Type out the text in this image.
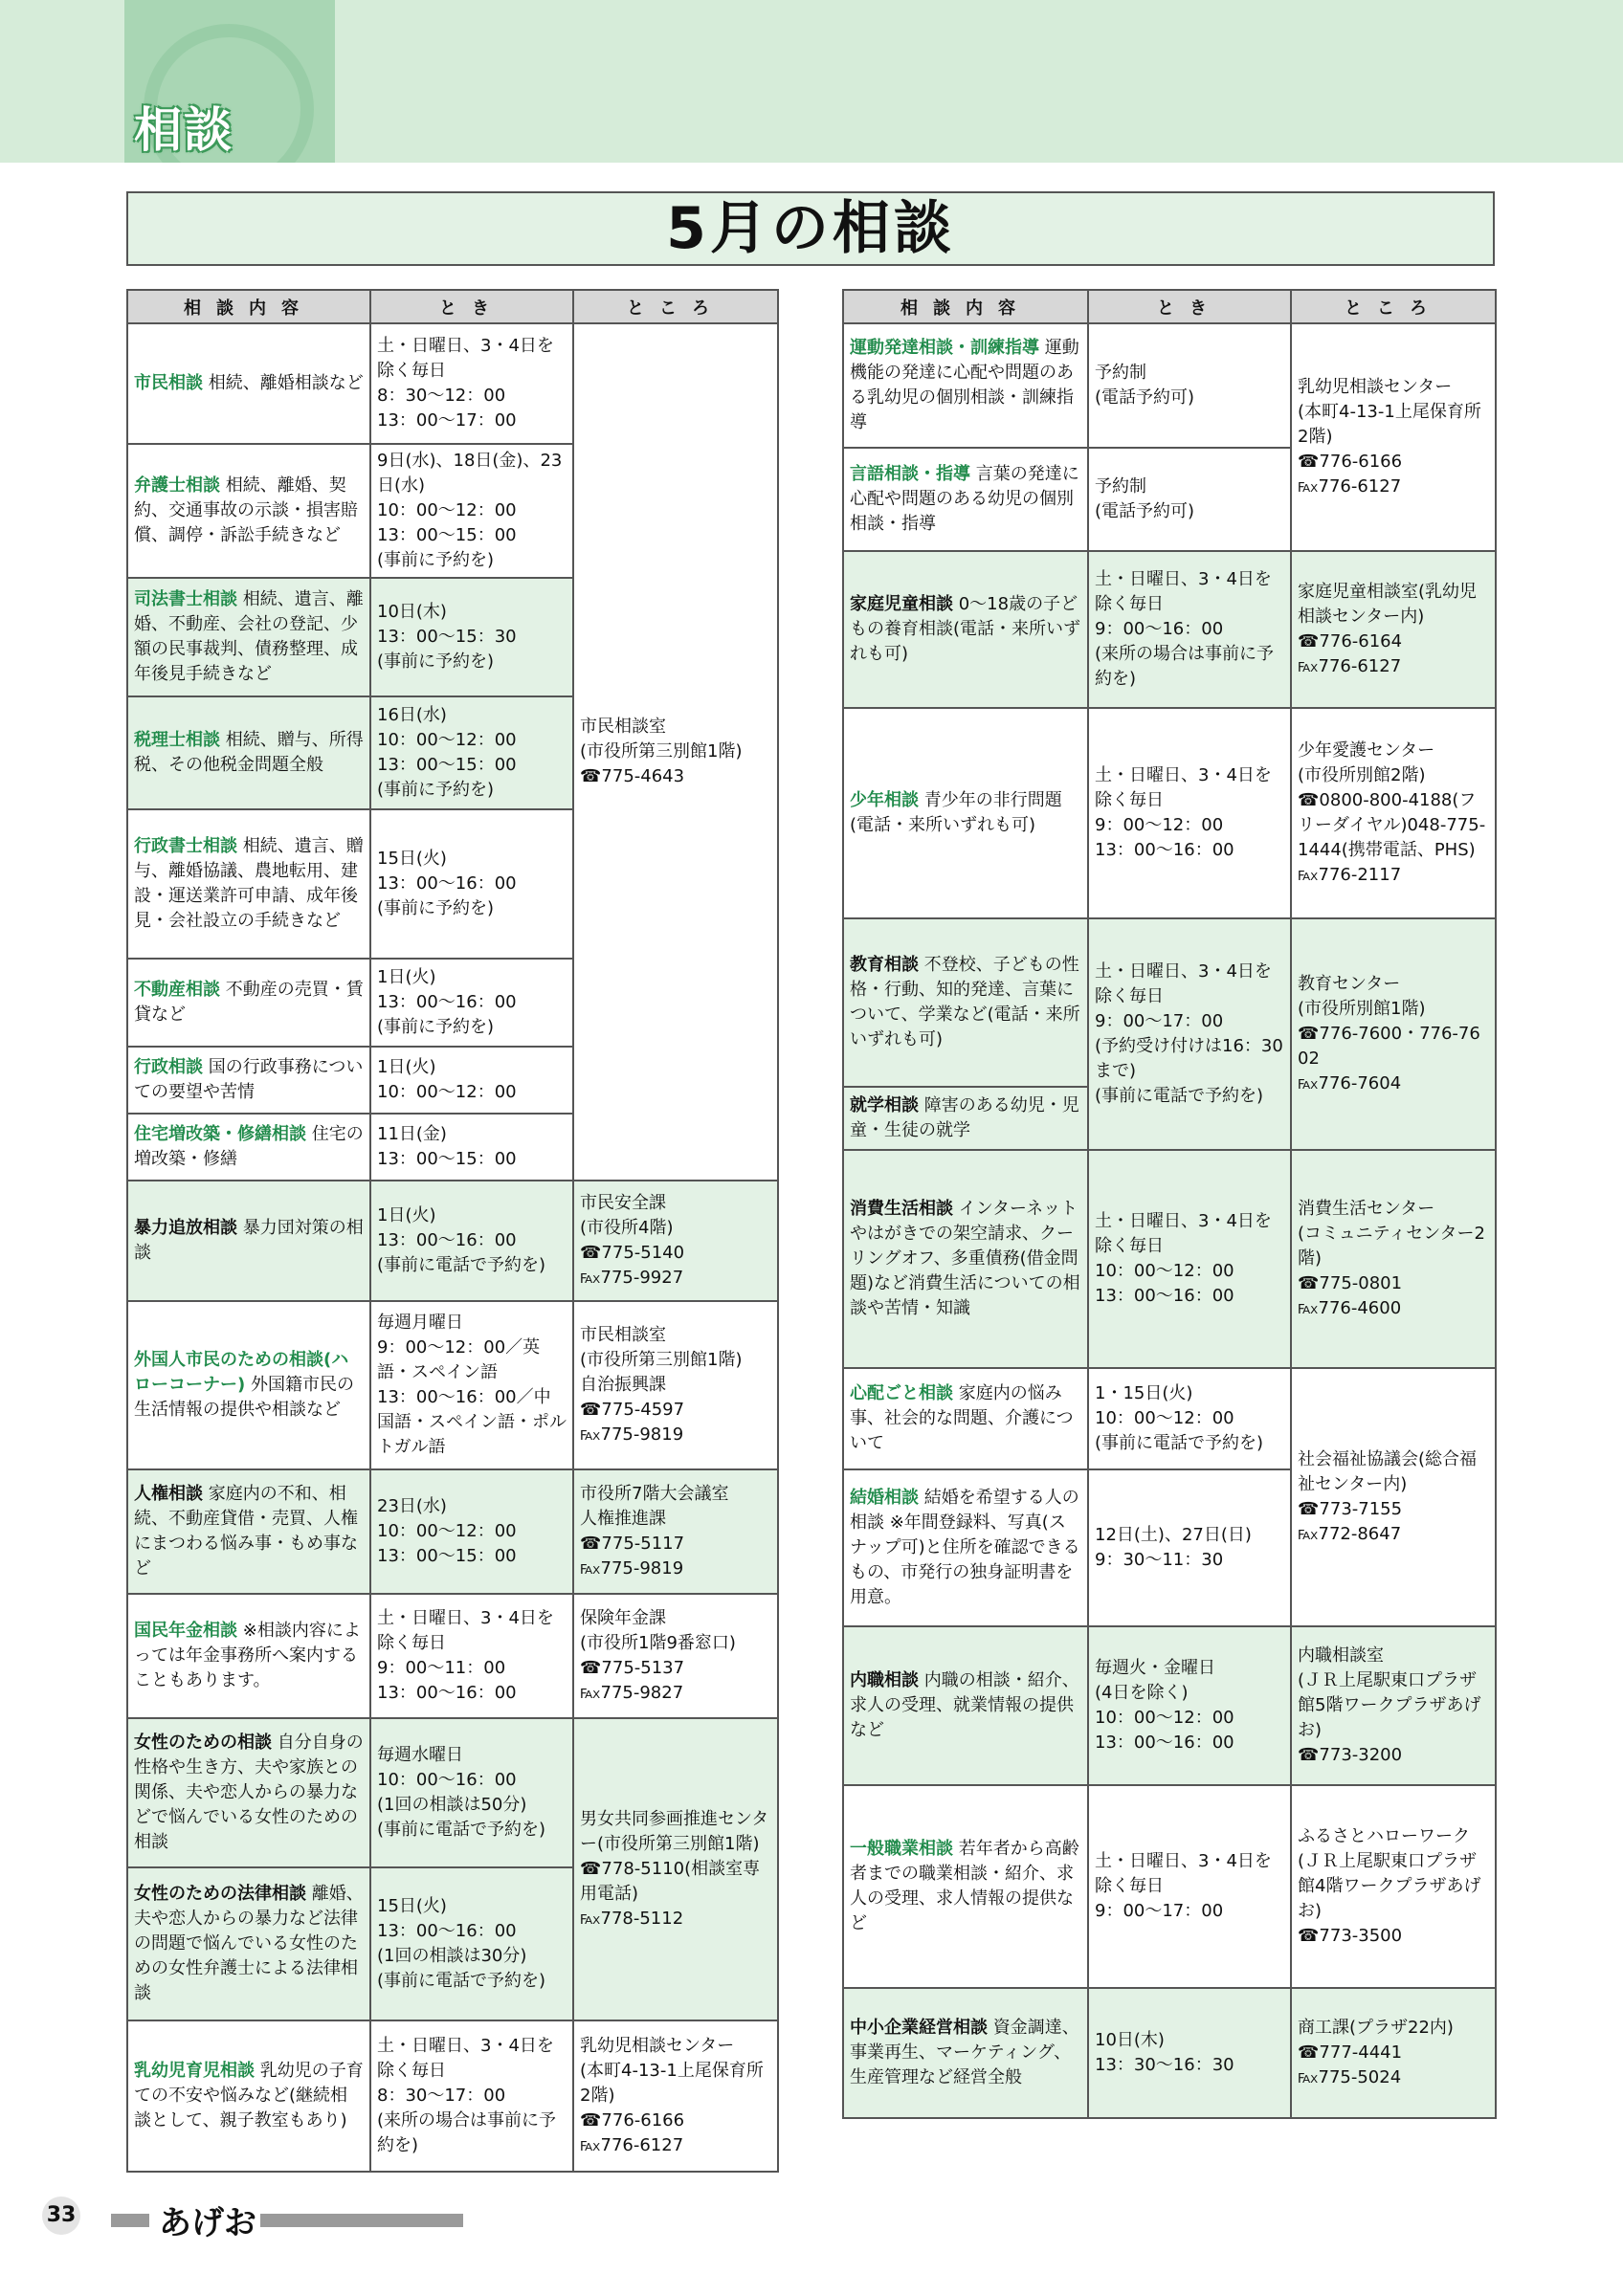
相談
5月の相談
相談内容	とき	ところ
市民相談 相続、離婚相談など	土・日曜日、3・4日を除く毎日
8：30〜12：00
13：00〜17：00	市民相談室
(市役所第三別館1階)
☎775-4643
弁護士相談 相続、離婚、契約、交通事故の示談・損害賠償、調停・訴訟手続きなど	9日(水)、18日(金)、23日(水)
10：00〜12：00
13：00〜15：00
(事前に予約を)	
司法書士相談 相続、遺言、離婚、不動産、会社の登記、少額の民事裁判、債務整理、成年後見手続きなど	10日(木)
13：00〜15：30
(事前に予約を)	
税理士相談 相続、贈与、所得税、その他税金問題全般	16日(水)
10：00〜12：00
13：00〜15：00
(事前に予約を)	
行政書士相談 相続、遺言、贈与、離婚協議、農地転用、建設・運送業許可申請、成年後見・会社設立の手続きなど	15日(火)
13：00〜16：00
(事前に予約を)	
不動産相談 不動産の売買・賃貸など	1日(火)
13：00〜16：00
(事前に予約を)	
行政相談 国の行政事務についての要望や苦情	1日(火)
10：00〜12：00	
住宅増改築・修繕相談 住宅の増改築・修繕	11日(金)
13：00〜15：00	
暴力追放相談 暴力団対策の相談	1日(火)
13：00〜16：00
(事前に電話で予約を)	市民安全課
(市役所4階)
☎775-5140
℻775-9927
外国人市民のための相談(ハローコーナー) 外国籍市民の生活情報の提供や相談など	毎週月曜日
9：00〜12：00／英語・スペイン語
13：00〜16：00／中国語・スペイン語・ポルトガル語	市民相談室
(市役所第三別館1階)
自治振興課
☎775-4597
℻775-9819
人権相談 家庭内の不和、相続、不動産貸借・売買、人権にまつわる悩み事・もめ事など	23日(水)
10：00〜12：00
13：00〜15：00	市役所7階大会議室
人権推進課
☎775-5117
℻775-9819
国民年金相談 ※相談内容によっては年金事務所へ案内することもあります。	土・日曜日、3・4日を除く毎日
9：00〜11：00
13：00〜16：00	保険年金課
(市役所1階9番窓口)
☎775-5137
℻775-9827
女性のための相談 自分自身の性格や生き方、夫や家族との関係、夫や恋人からの暴力などで悩んでいる女性のための相談	毎週水曜日
10：00〜16：00
(1回の相談は50分)
(事前に電話で予約を)	男女共同参画推進センター(市役所第三別館1階)
☎778-5110(相談室専用電話)
℻778-5112
女性のための法律相談 離婚、夫や恋人からの暴力など法律の問題で悩んでいる女性のための女性弁護士による法律相談	15日(火)
13：00〜16：00
(1回の相談は30分)
(事前に電話で予約を)	
乳幼児育児相談 乳幼児の子育ての不安や悩みなど(継続相談として、親子教室もあり)	土・日曜日、3・4日を除く毎日
8：30〜17：00
(来所の場合は事前に予約を)	乳幼児相談センター
(本町4-13-1上尾保育所2階)
☎776-6166
℻776-6127
相談内容	とき	ところ
運動発達相談・訓練指導 運動機能の発達に心配や問題のある乳幼児の個別相談・訓練指導	予約制
(電話予約可)	乳幼児相談センター
(本町4-13-1上尾保育所2階)
☎776-6166
℻776-6127
言語相談・指導 言葉の発達に心配や問題のある幼児の個別相談・指導	予約制
(電話予約可)	
家庭児童相談 0〜18歳の子どもの養育相談(電話・来所いずれも可)	土・日曜日、3・4日を除く毎日
9：00〜16：00
(来所の場合は事前に予約を)	家庭児童相談室(乳幼児相談センター内)
☎776-6164
℻776-6127
少年相談 青少年の非行問題(電話・来所いずれも可)	土・日曜日、3・4日を除く毎日
9：00〜12：00
13：00〜16：00	少年愛護センター
(市役所別館2階)
☎0800-800-4188(フリーダイヤル)048-775-1444(携帯電話、PHS)
℻776-2117
教育相談 不登校、子どもの性格・行動、知的発達、言葉について、学業など(電話・来所いずれも可)	土・日曜日、3・4日を除く毎日
9：00〜17：00
(予約受け付けは16：30まで)
(事前に電話で予約を)	教育センター
(市役所別館1階)
☎776-7600・776-7602
℻776-7604
就学相談 障害のある幼児・児童・生徒の就学		
消費生活相談 インターネットやはがきでの架空請求、クーリングオフ、多重債務(借金問題)など消費生活についての相談や苦情・知識	土・日曜日、3・4日を除く毎日
10：00〜12：00
13：00〜16：00	消費生活センター
(コミュニティセンター2階)
☎775-0801
℻776-4600
心配ごと相談 家庭内の悩み事、社会的な問題、介護について	1・15日(火)
10：00〜12：00
(事前に電話で予約を)	社会福祉協議会(総合福祉センター内)
☎773-7155
℻772-8647
結婚相談 結婚を希望する人の相談 ※年間登録料、写真(スナップ可)と住所を確認できるもの、市発行の独身証明書を用意。	12日(土)、27日(日)
9：30〜11：30	
内職相談 内職の相談・紹介、求人の受理、就業情報の提供など	毎週火・金曜日
(4日を除く)
10：00〜12：00
13：00〜16：00	内職相談室
(ＪＲ上尾駅東口プラザ館5階ワークプラザあげお)
☎773-3200
一般職業相談 若年者から高齢者までの職業相談・紹介、求人の受理、求人情報の提供など	土・日曜日、3・4日を除く毎日
9：00〜17：00	ふるさとハローワーク
(ＪＲ上尾駅東口プラザ館4階ワークプラザあげお)
☎773-3500
中小企業経営相談 資金調達、事業再生、マーケティング、生産管理など経営全般	10日(木)
13：30〜16：30	商工課(プラザ22内)
☎777-4441
℻775-5024
33	あげお
